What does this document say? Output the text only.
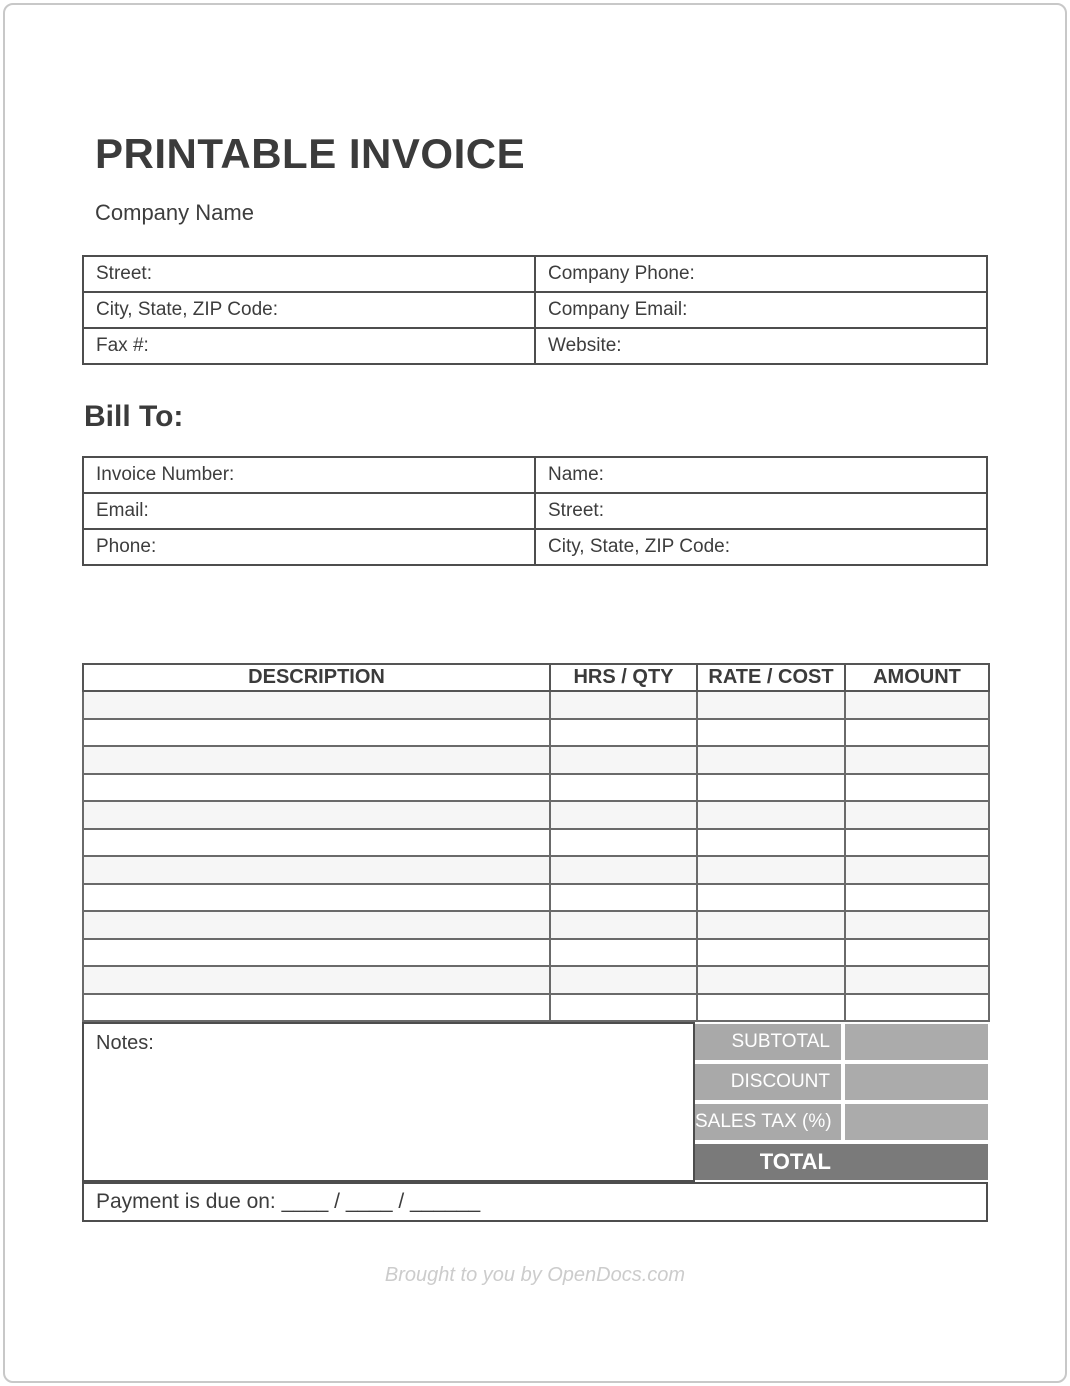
PRINTABLE INVOICE
Company Name
Street:	Company Phone:
City, State, ZIP Code:	Company Email:
Fax #:	Website:
Bill To:
Invoice Number:	Name:
Email:	Street:
Phone:	City, State, ZIP Code:
DESCRIPTION	HRS / QTY	RATE / COST	AMOUNT

Notes:	SUBTOTAL
DISCOUNT
SALES TAX (%)
TOTAL
Payment is due on: ____ / ____ / ______
Brought to you by OpenDocs.com
